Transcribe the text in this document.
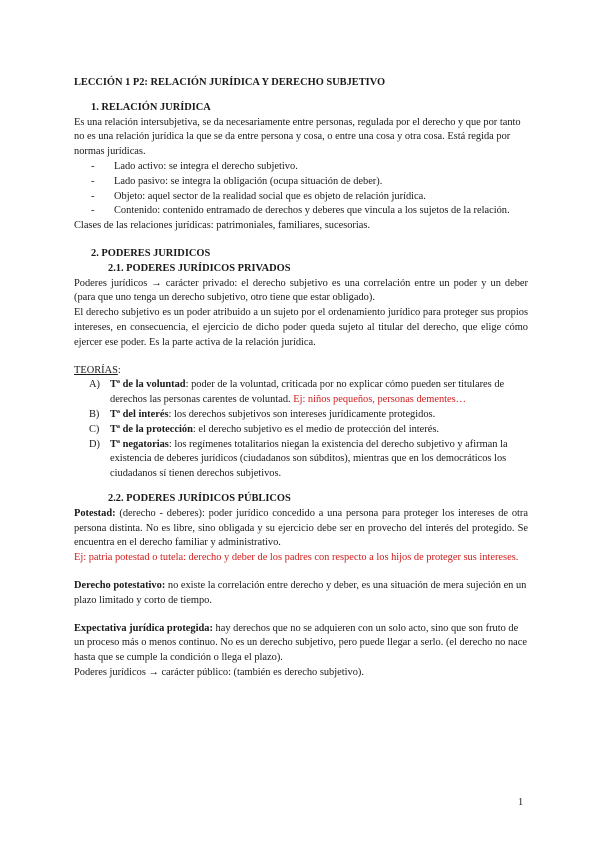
LECCIÓN 1 P2: RELACIÓN JURÍDICA Y DERECHO SUBJETIVO

1. RELACIÓN JURÍDICA

Es una relación intersubjetiva, se da necesariamente entre personas, regulada por el derecho y que por tanto no es una relación jurídica la que se da entre persona y cosa, o entre una cosa y otra cosa. Está regida por normas jurídicas.

- Lado activo: se integra el derecho subjetivo.
- Lado pasivo: se integra la obligación (ocupa situación de deber).
- Objeto: aquel sector de la realidad social que es objeto de relación jurídica.
- Contenido: contenido entramado de derechos y deberes que vincula a los sujetos de la relación.

Clases de las relaciones jurídicas: patrimoniales, familiares, sucesorias.

2. PODERES JURIDICOS

2.1. PODERES JURÍDICOS PRIVADOS

Poderes jurídicos → carácter privado: el derecho subjetivo es una correlación entre un poder y un deber (para que uno tenga un derecho subjetivo, otro tiene que estar obligado).

El derecho subjetivo es un poder atribuido a un sujeto por el ordenamiento jurídico para proteger sus propios intereses, en consecuencia, el ejercicio de dicho poder queda sujeto al titular del derecho, que elige cómo ejercer ese poder. Es la parte activa de la relación jurídica.

TEORÍAS:

A) Tª de la voluntad: poder de la voluntad, criticada por no explicar cómo pueden ser titulares de derechos las personas carentes de voluntad. Ej: niños pequeños, personas dementes…
B) Tª del interés: los derechos subjetivos son intereses jurídicamente protegidos.
C) Tª de la protección: el derecho subjetivo es el medio de protección del interés.
D) Tª negatorias: los regímenes totalitarios niegan la existencia del derecho subjetivo y afirman la existencia de deberes jurídicos (ciudadanos son súbditos), mientras que en los democráticos los ciudadanos sí tienen derechos subjetivos.

2.2. PODERES JURÍDICOS PÚBLICOS

Potestad: (derecho - deberes): poder jurídico concedido a una persona para proteger los intereses de otra persona distinta. No es libre, sino obligada y su ejercicio debe ser en provecho del interés del protegido. Se encuentra en el derecho familiar y administrativo.

Ej: patria potestad o tutela: derecho y deber de los padres con respecto a los hijos de proteger sus intereses.

Derecho potestativo: no existe la correlación entre derecho y deber, es una situación de mera sujeción en un plazo limitado y corto de tiempo.

Expectativa jurídica protegida: hay derechos que no se adquieren con un solo acto, sino que son fruto de un proceso más o menos continuo. No es un derecho subjetivo, pero puede llegar a serlo. (el derecho no nace hasta que se cumple la condición o llega el plazo).

Poderes jurídicos → carácter público: (también es derecho subjetivo).

1
